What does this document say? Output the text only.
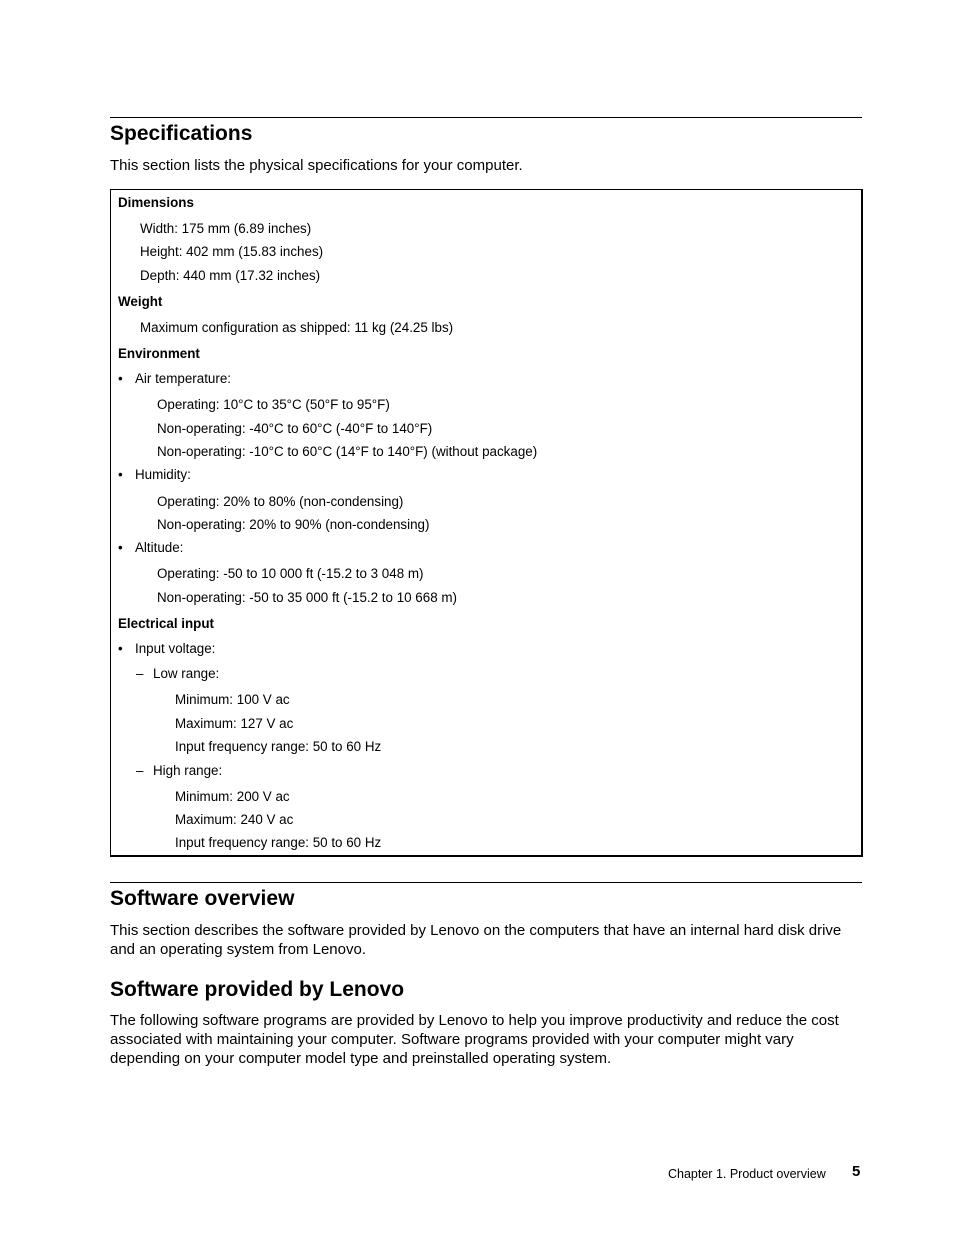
Specifications

This section lists the physical specifications for your computer.

Dimensions
Width: 175 mm (6.89 inches)
Height: 402 mm (15.83 inches)
Depth: 440 mm (17.32 inches)
Weight
Maximum configuration as shipped: 11 kg (24.25 lbs)
Environment
• Air temperature:
Operating: 10°C to 35°C (50°F to 95°F)
Non-operating: -40°C to 60°C (-40°F to 140°F)
Non-operating: -10°C to 60°C (14°F to 140°F) (without package)
• Humidity:
Operating: 20% to 80% (non-condensing)
Non-operating: 20% to 90% (non-condensing)
• Altitude:
Operating: -50 to 10 000 ft (-15.2 to 3 048 m)
Non-operating: -50 to 35 000 ft (-15.2 to 10 668 m)
Electrical input
• Input voltage:
– Low range:
Minimum: 100 V ac
Maximum: 127 V ac
Input frequency range: 50 to 60 Hz
– High range:
Minimum: 200 V ac
Maximum: 240 V ac
Input frequency range: 50 to 60 Hz
Software overview

This section describes the software provided by Lenovo on the computers that have an internal hard disk drive and an operating system from Lenovo.

Software provided by Lenovo

The following software programs are provided by Lenovo to help you improve productivity and reduce the cost associated with maintaining your computer. Software programs provided with your computer might vary depending on your computer model type and preinstalled operating system.

Chapter 1. Product overview 5
